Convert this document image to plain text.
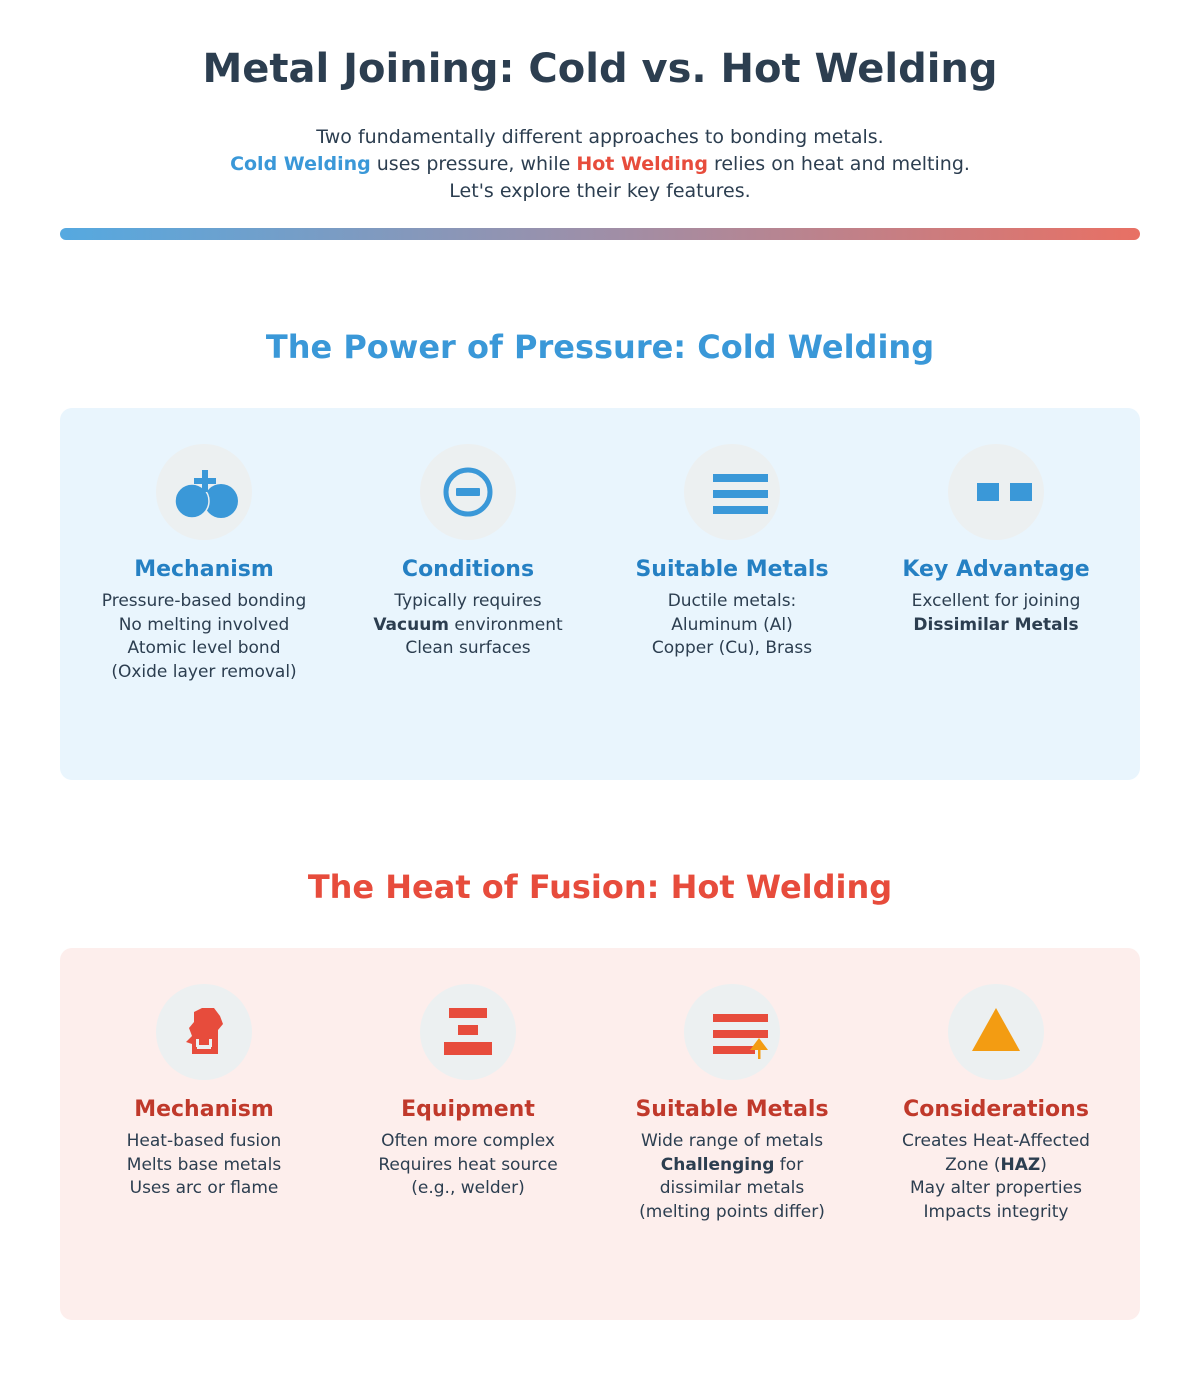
Metal Joining: Cold vs. Hot Welding
Two fundamentally different approaches to bonding metals.
Cold Welding uses pressure, while Hot Welding relies on heat and melting.
Let's explore their key features.
The Power of Pressure: Cold Welding
Mechanism
Pressure-based bonding
No melting involved
Atomic level bond
(Oxide layer removal)
Conditions
Typically requires
Vacuum environment
Clean surfaces
Suitable Metals
Ductile metals:
Aluminum (Al)
Copper (Cu), Brass
Key Advantage
Excellent for joining
Dissimilar Metals
The Heat of Fusion: Hot Welding
Mechanism
Heat-based fusion
Melts base metals
Uses arc or flame
Equipment
Often more complex
Requires heat source
(e.g., welder)
Suitable Metals
Wide range of metals
Challenging for
dissimilar metals
(melting points differ)
Considerations
Creates Heat-Affected
Zone (HAZ)
May alter properties
Impacts integrity
